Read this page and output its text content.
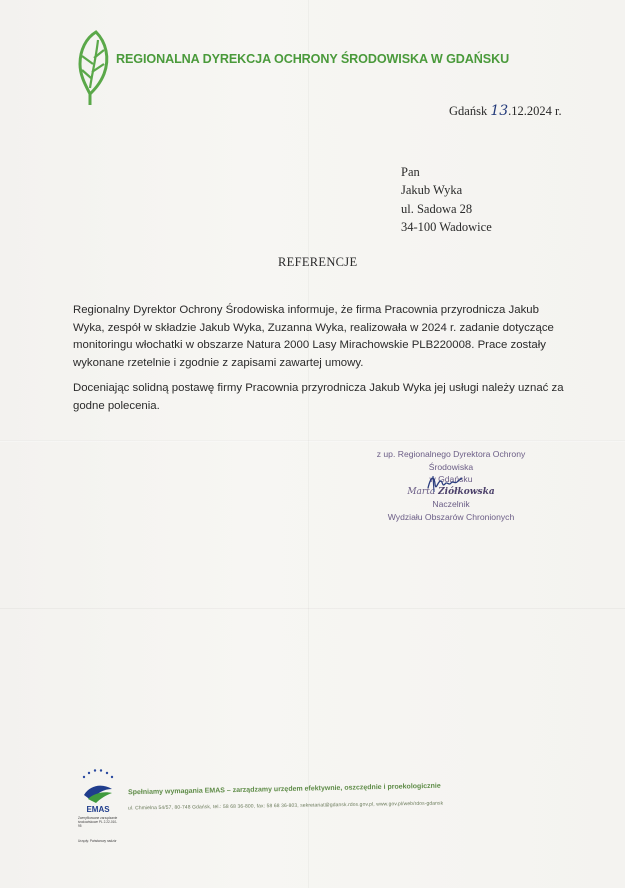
REGIONALNA DYREKCJA OCHRONY ŚRODOWISKA W GDAŃSKU
Gdańsk 13.12.2024 r.
Pan
Jakub Wyka
ul. Sadowa 28
34-100 Wadowice
REFERENCJE

Regionalny Dyrektor Ochrony Środowiska informuje, że firma Pracownia przyrodnicza Jakub Wyka, zespół w składzie Jakub Wyka, Zuzanna Wyka, realizowała w 2024 r. zadanie dotyczące monitoringu włochatki w obszarze Natura 2000 Lasy Mirachowskie PLB220008. Prace zostały wykonane rzetelnie i zgodnie z zapisami zawartej umowy.

Doceniając solidną postawę firmy Pracownia przyrodnicza Jakub Wyka jej usługi należy uznać za godne polecenia.

z up. Regionalnego Dyrektora Ochrony Środowiska
w Gdańsku
Marta Ziółkowska
Naczelnik
Wydziału Obszarów Chronionych
EMAS
Zweryfikowane zarządzanie środowiskowe PL 2.22-010-95
Urzędy: Państwowy nadzór
Spełniamy wymagania EMAS – zarządzamy urzędem efektywnie, oszczędnie i proekologicznie
ul. Chmielna 54/57, 80-748 Gdańsk, tel.: 58 68 36-800, fax: 58 68 36-803, sekretariat@gdansk.rdos.gov.pl, www.gov.pl/web/rdos-gdansk
